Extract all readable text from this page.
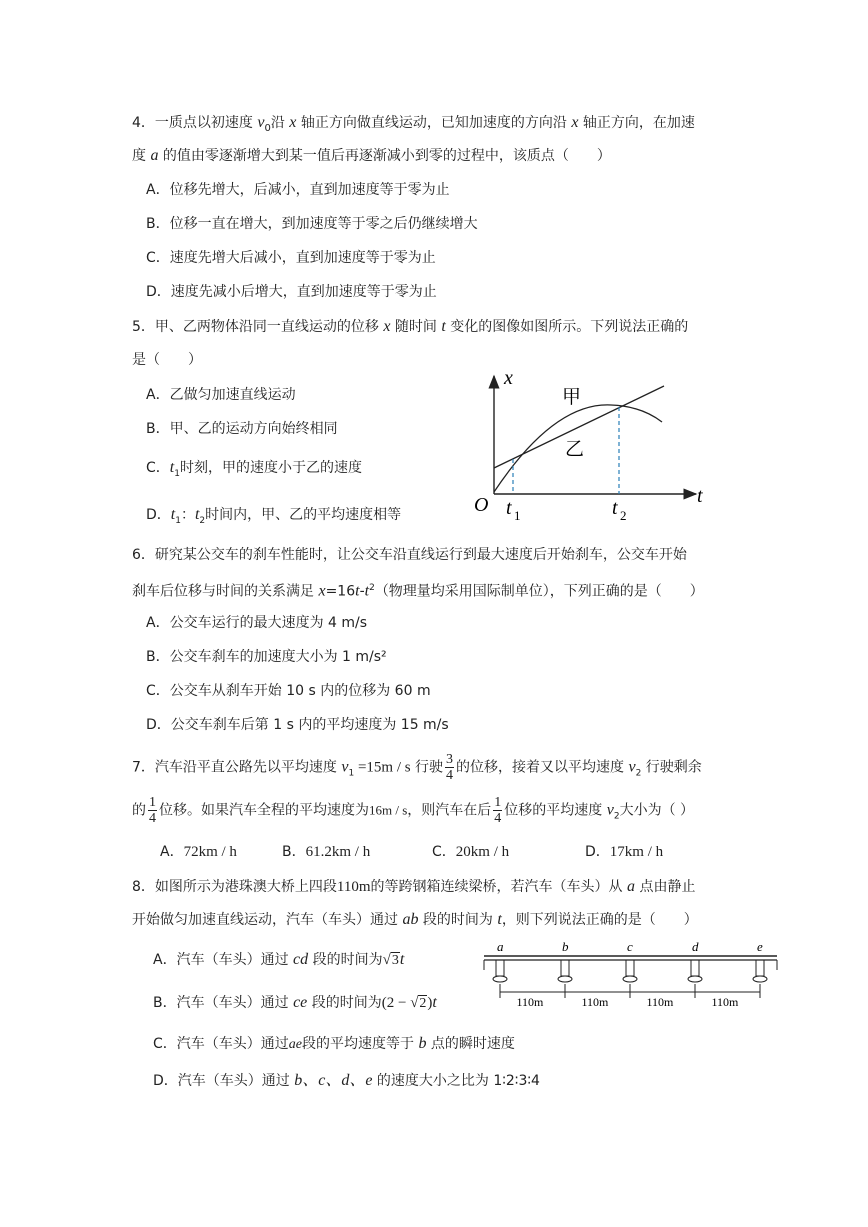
4．一质点以初速度 $v_0$沿 x 轴正方向做直线运动，已知加速度的方向沿 x 轴正方向，在加速
度 a 的值由零逐渐增大到某一值后再逐渐减小到零的过程中，该质点（　　）
A．位移先增大，后减小，直到加速度等于零为止
B．位移一直在增大，到加速度等于零之后仍继续增大
C．速度先增大后减小，直到加速度等于零为止
D．速度先减小后增大，直到加速度等于零为止
5．甲、乙两物体沿同一直线运动的位移 x 随时间 t 变化的图像如图所示。下列说法正确的
是（　　）
A．乙做匀加速直线运动
B．甲、乙的运动方向始终相同
C．$t_1$时刻，甲的速度小于乙的速度
D．$t_1$：$t_2$时间内，甲、乙的平均速度相等
x
t
O
甲
乙
t 1	t 2
6．研究某公交车的刹车性能时，让公交车沿直线运行到最大速度后开始刹车，公交车开始
刹车后位移与时间的关系满足 $x=16t-t^2$（物理量均采用国际制单位），下列正确的是（　　）
A．公交车运行的最大速度为 4 m/s
B．公交车刹车的加速度大小为 1 m/s²
C．公交车从刹车开始 10 s 内的位移为 60 m
D．公交车刹车后第 1 s 内的平均速度为 15 m/s
7．汽车沿平直公路先以平均速度 $v_1 =15m / s$ 行驶 $\frac{3}{4}$ 的位移，接着又以平均速度 $v_2$ 行驶剩余
的 $\frac{1}{4}$ 位移。如果汽车全程的平均速度为16m / s，则汽车在后 $\frac{1}{4}$ 位移的平均速度 $v_2$大小为（ ）
A．72km / h	B．61.2km / h	C．20km / h	D．17km / h
8．如图所示为港珠澳大桥上四段110m的等跨钢箱连续梁桥，若汽车（车头）从 a 点由静止
开始做匀加速直线运动，汽车（车头）通过 ab 段的时间为 t，则下列说法正确的是（　　）
A．汽车（车头）通过 cd 段的时间为√3t
B．汽车（车头）通过 ce 段的时间为(2 − √2)t
C．汽车（车头）通过ae段的平均速度等于 b 点的瞬时速度
D．汽车（车头）通过 b、c、d、e 的速度大小之比为 1∶2∶3∶4
a	b	c	d	e
110m	110m	110m	110m
